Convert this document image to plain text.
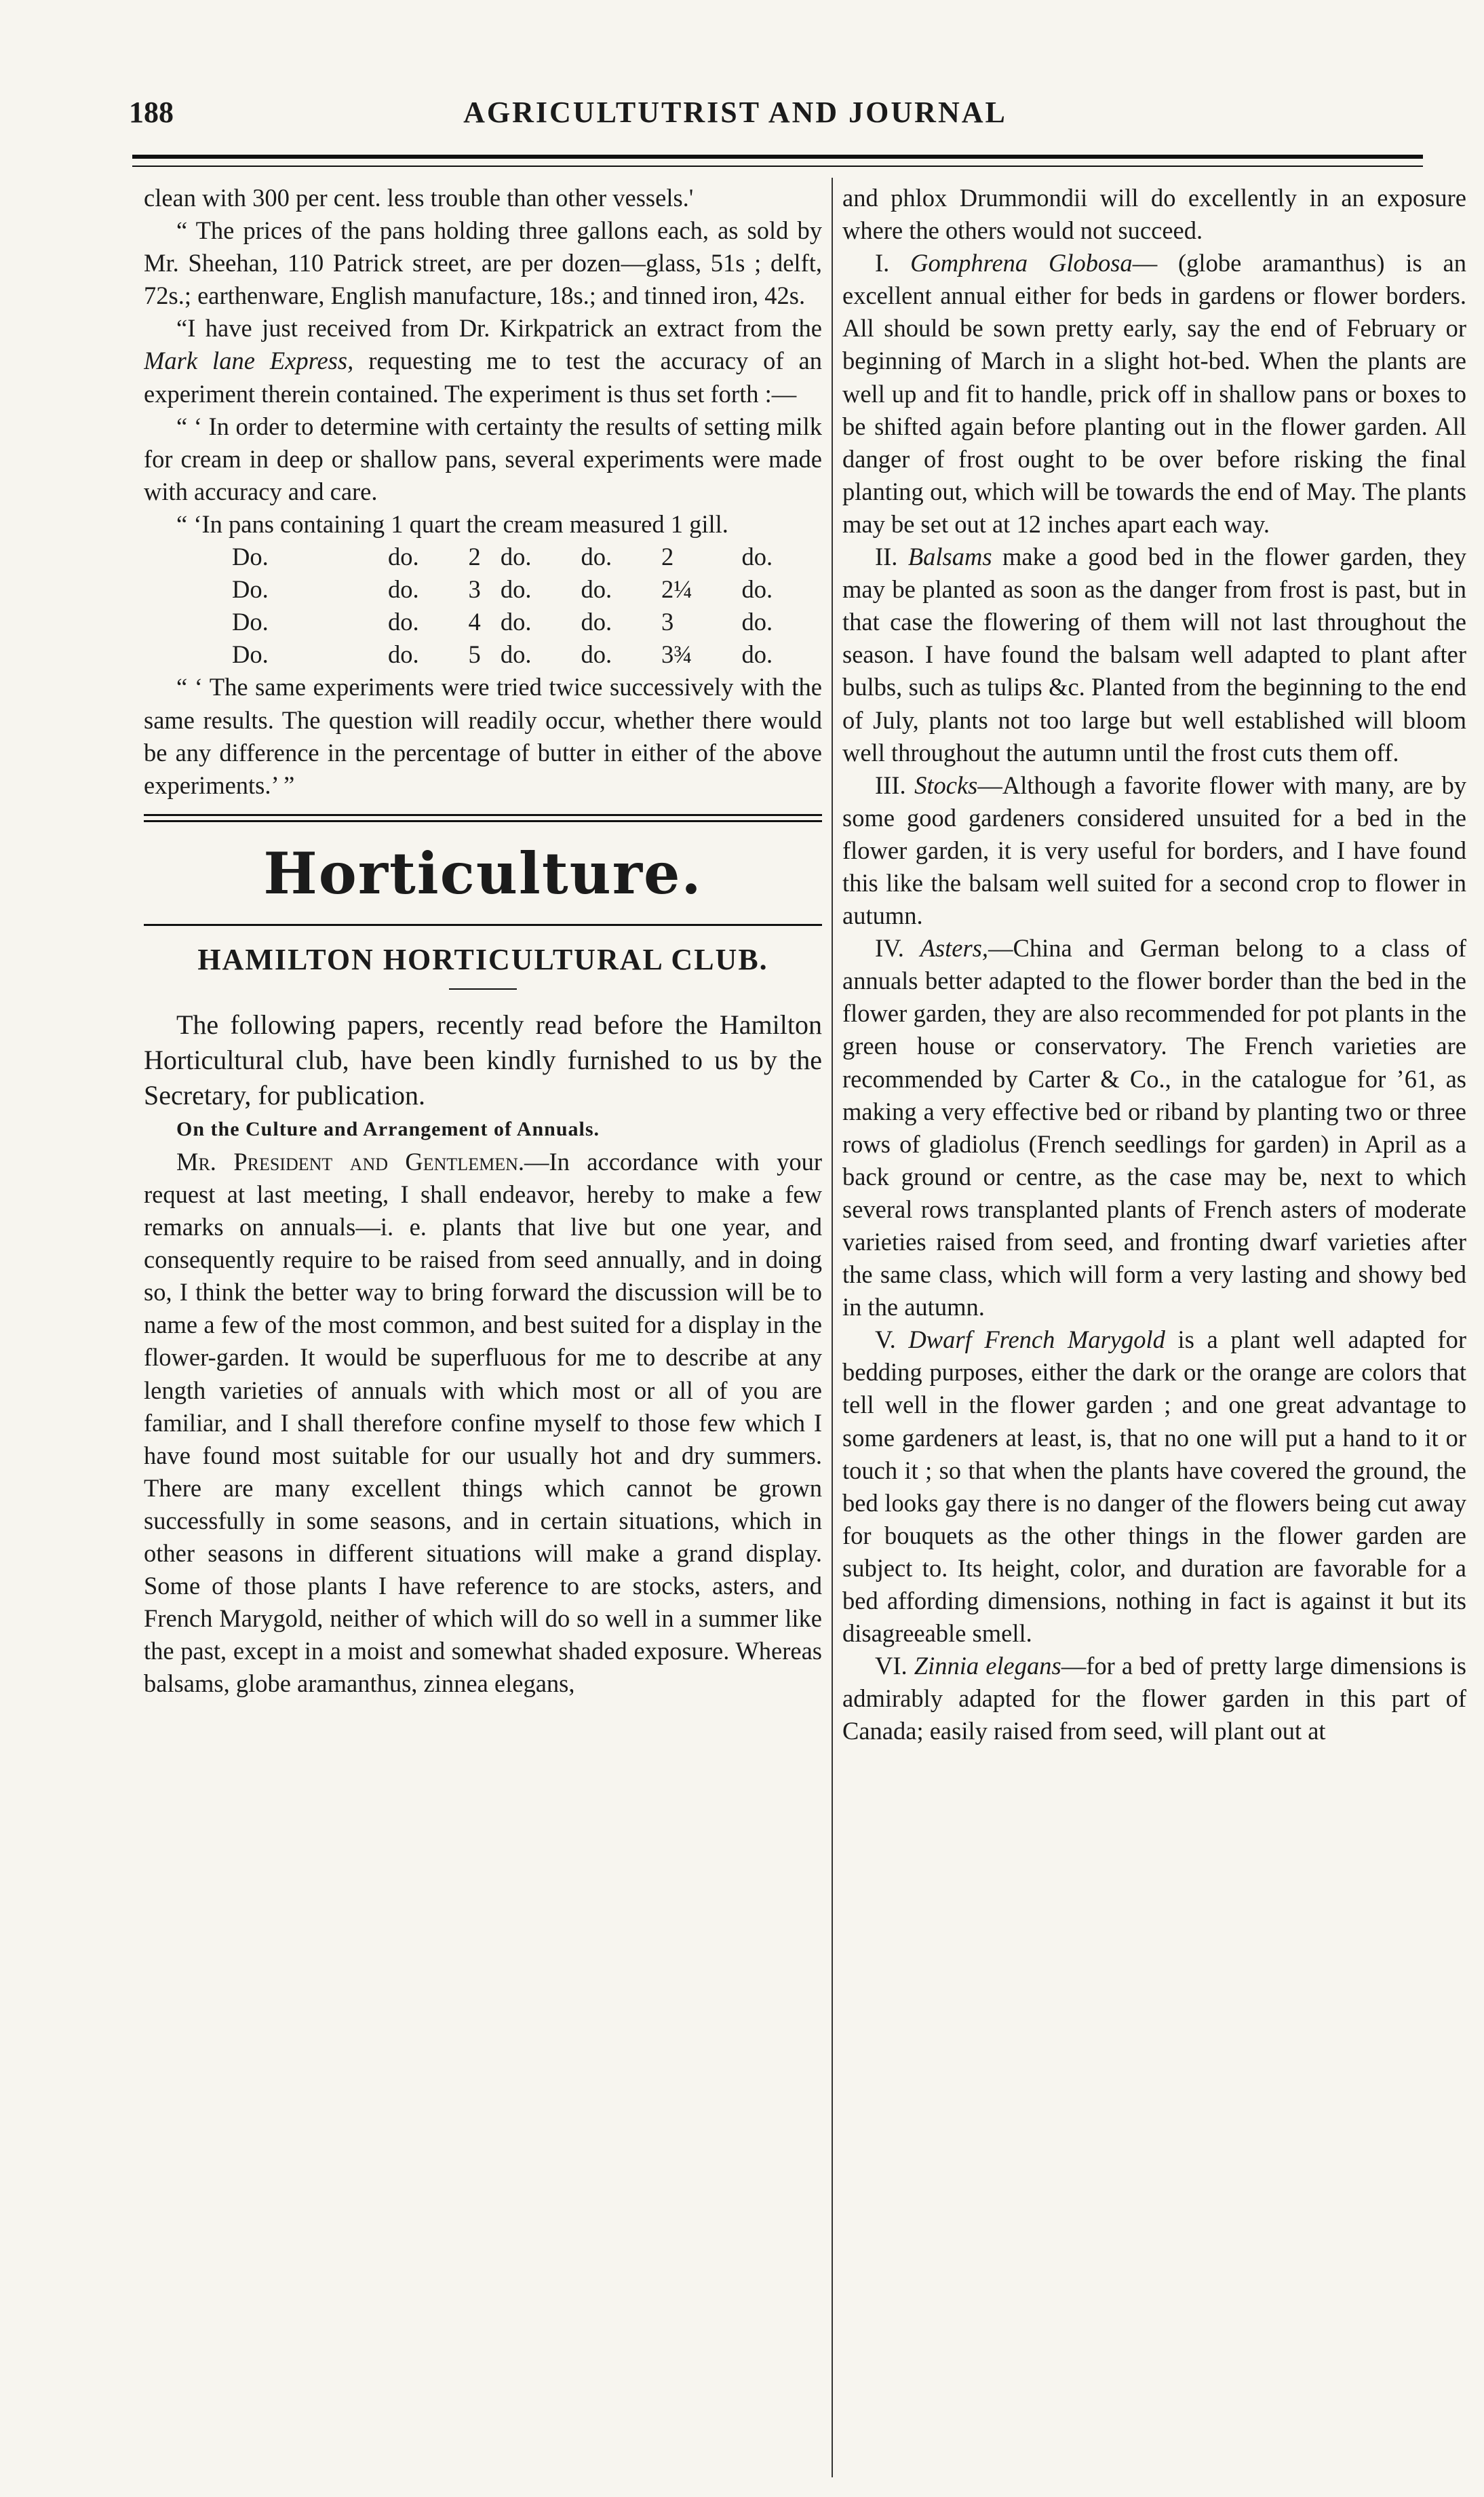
188	AGRICULTUTRIST AND JOURNAL

clean with 300 per cent. less trouble than other vessels.'

“ The prices of the pans holding three gallons each, as sold by Mr. Sheehan, 110 Patrick street, are per dozen—glass, 51s ; delft, 72s.; earthenware, English manufacture, 18s.; and tinned iron, 42s.

“I have just received from Dr. Kirkpatrick an extract from the Mark lane Express, requesting me to test the accuracy of an experiment therein contained. The experiment is thus set forth :—

“ ‘ In order to determine with certainty the results of setting milk for cream in deep or shallow pans, several experiments were made with accuracy and care.

“ ‘In pans containing 1 quart the cream measured 1 gill.

Do.	do.	2	do.	do.	2	do.
Do.	do.	3	do.	do.	2¼	do.
Do.	do.	4	do.	do.	3	do.
Do.	do.	5	do.	do.	3¾	do.

“ ‘ The same experiments were tried twice successively with the same results. The question will readily occur, whether there would be any difference in the percentage of butter in either of the above experiments.’ ”

Horticulture.
HAMILTON HORTICULTURAL CLUB.

The following papers, recently read before the Hamilton Horticultural club, have been kindly furnished to us by the Secretary, for publication.

On the Culture and Arrangement of Annuals.

Mr. President and Gentlemen.—In accordance with your request at last meeting, I shall endeavor, hereby to make a few remarks on annuals—i. e. plants that live but one year, and consequently require to be raised from seed annually, and in doing so, I think the better way to bring forward the discussion will be to name a few of the most common, and best suited for a display in the flower-garden. It would be superfluous for me to describe at any length varieties of annuals with which most or all of you are familiar, and I shall therefore confine myself to those few which I have found most suitable for our usually hot and dry summers. There are many excellent things which cannot be grown successfully in some seasons, and in certain situations, which in other seasons in different situations will make a grand display. Some of those plants I have reference to are stocks, asters, and French Marygold, neither of which will do so well in a summer like the past, except in a moist and somewhat shaded exposure. Whereas balsams, globe aramanthus, zinnea elegans,

and phlox Drummondii will do excellently in an exposure where the others would not succeed.

I. Gomphrena Globosa— (globe aramanthus) is an excellent annual either for beds in gardens or flower borders. All should be sown pretty early, say the end of February or beginning of March in a slight hot-bed. When the plants are well up and fit to handle, prick off in shallow pans or boxes to be shifted again before planting out in the flower garden. All danger of frost ought to be over before risking the final planting out, which will be towards the end of May. The plants may be set out at 12 inches apart each way.

II. Balsams make a good bed in the flower garden, they may be planted as soon as the danger from frost is past, but in that case the flowering of them will not last throughout the season. I have found the balsam well adapted to plant after bulbs, such as tulips &c. Planted from the beginning to the end of July, plants not too large but well established will bloom well throughout the autumn until the frost cuts them off.

III. Stocks—Although a favorite flower with many, are by some good gardeners considered unsuited for a bed in the flower garden, it is very useful for borders, and I have found this like the balsam well suited for a second crop to flower in autumn.

IV. Asters,—China and German belong to a class of annuals better adapted to the flower border than the bed in the flower garden, they are also recommended for pot plants in the green house or conservatory. The French varieties are recommended by Carter & Co., in the catalogue for ’61, as making a very effective bed or riband by planting two or three rows of gladiolus (French seedlings for garden) in April as a back ground or centre, as the case may be, next to which several rows transplanted plants of French asters of moderate varieties raised from seed, and fronting dwarf varieties after the same class, which will form a very lasting and showy bed in the autumn.

V. Dwarf French Marygold is a plant well adapted for bedding purposes, either the dark or the orange are colors that tell well in the flower garden ; and one great advantage to some gardeners at least, is, that no one will put a hand to it or touch it ; so that when the plants have covered the ground, the bed looks gay there is no danger of the flowers being cut away for bouquets as the other things in the flower garden are subject to. Its height, color, and duration are favorable for a bed affording dimensions, nothing in fact is against it but its disagreeable smell.

VI. Zinnia elegans—for a bed of pretty large dimensions is admirably adapted for the flower garden in this part of Canada; easily raised from seed, will plant out at
